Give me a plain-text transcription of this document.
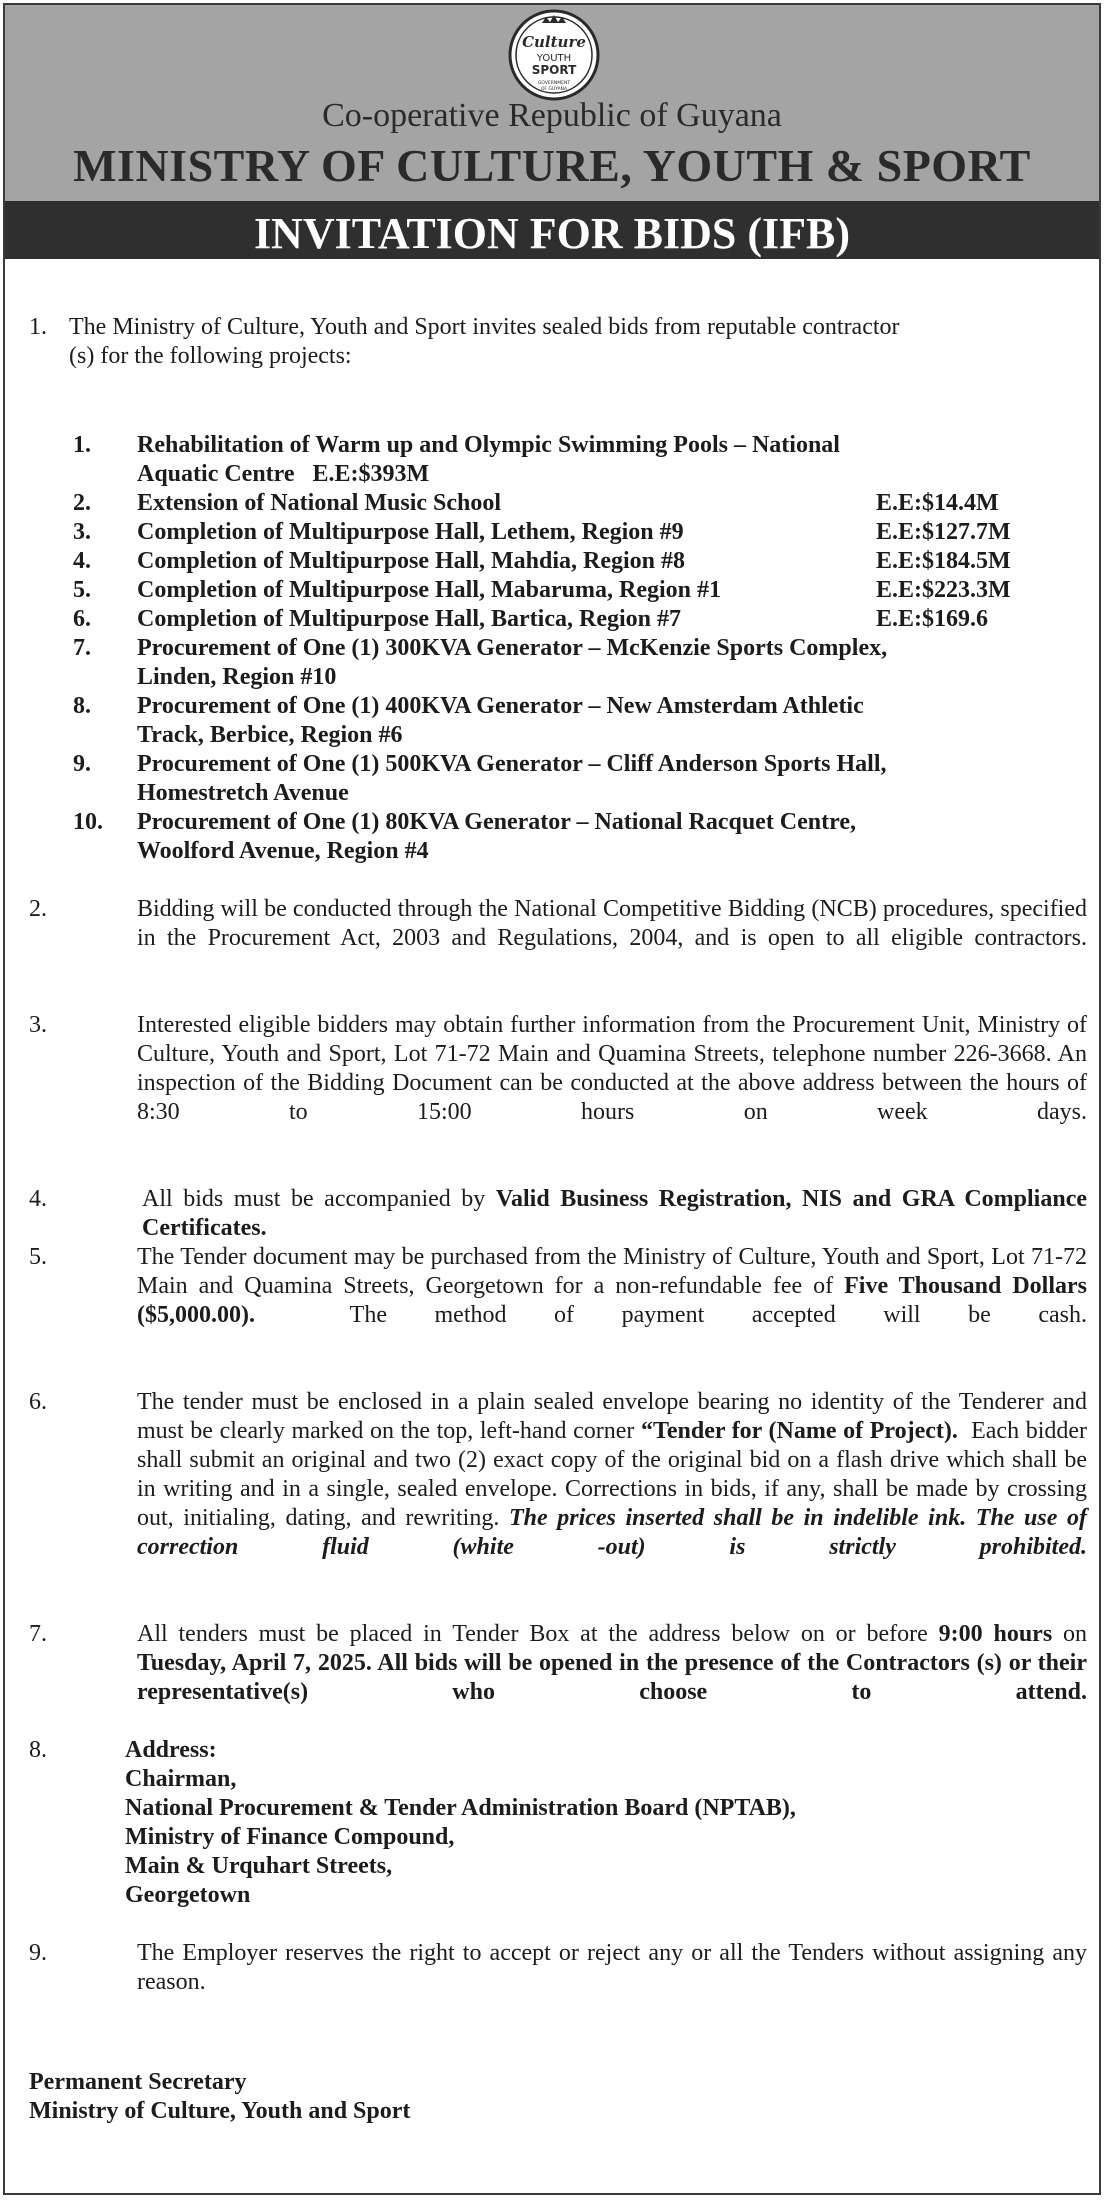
Culture
YOUTH
SPORT
GOVERNMENT
OF GUYANA
Co-operative Republic of Guyana
MINISTRY OF CULTURE, YOUTH & SPORT
INVITATION FOR BIDS (IFB)
1. The Ministry of Culture, Youth and Sport invites sealed bids from reputable contractor
(s) for the following projects:
1. Rehabilitation of Warm up and Olympic Swimming Pools – National
Aquatic Centre   E.E:$393M
2. Extension of National Music School	E.E:$14.4M
3. Completion of Multipurpose Hall, Lethem, Region #9	E.E:$127.7M
4. Completion of Multipurpose Hall, Mahdia, Region #8	E.E:$184.5M
5. Completion of Multipurpose Hall, Mabaruma, Region #1	E.E:$223.3M
6. Completion of Multipurpose Hall, Bartica, Region #7	E.E:$169.6
7. Procurement of One (1) 300KVA Generator – McKenzie Sports Complex,
Linden, Region #10
8. Procurement of One (1) 400KVA Generator – New Amsterdam Athletic
Track, Berbice, Region #6
9. Procurement of One (1) 500KVA Generator – Cliff Anderson Sports Hall,
Homestretch Avenue
10. Procurement of One (1) 80KVA Generator – National Racquet Centre,
Woolford Avenue, Region #4
2.	Bidding will be conducted through the National Competitive Bidding (NCB) procedures, specified in the Procurement Act, 2003 and Regulations, 2004, and is open to all eligible contractors.
3.	Interested eligible bidders may obtain further information from the Procurement Unit, Ministry of Culture, Youth and Sport, Lot 71-72 Main and Quamina Streets, telephone number 226-3668. An inspection of the Bidding Document can be conducted at the above address between the hours of 8:30 to 15:00 hours on week days.
4.	All bids must be accompanied by Valid Business Registration, NIS and GRA Compliance Certificates.
5.	The Tender document may be purchased from the Ministry of Culture, Youth and Sport, Lot 71-72 Main and Quamina Streets, Georgetown for a non-refundable fee of Five Thousand Dollars ($5,000.00).	The method of payment accepted will be cash.
6.	The tender must be enclosed in a plain sealed envelope bearing no identity of the Tenderer and must be clearly marked on the top, left-hand corner “Tender for (Name of Project). Each bidder shall submit an original and two (2) exact copy of the original bid on a flash drive which shall be in writing and in a single, sealed envelope. Corrections in bids, if any, shall be made by crossing out, initialing, dating, and rewriting. The prices inserted shall be in indelible ink. The use of correction fluid (white -out) is strictly prohibited.
7.	All tenders must be placed in Tender Box at the address below on or before 9:00 hours on Tuesday, April 7, 2025. All bids will be opened in the presence of the Contractors (s) or their representative(s) who choose to attend.
8.	Address:
Chairman,
National Procurement & Tender Administration Board (NPTAB),
Ministry of Finance Compound,
Main & Urquhart Streets,
Georgetown
9.	The Employer reserves the right to accept or reject any or all the Tenders without assigning any reason.
Permanent Secretary
Ministry of Culture, Youth and Sport
